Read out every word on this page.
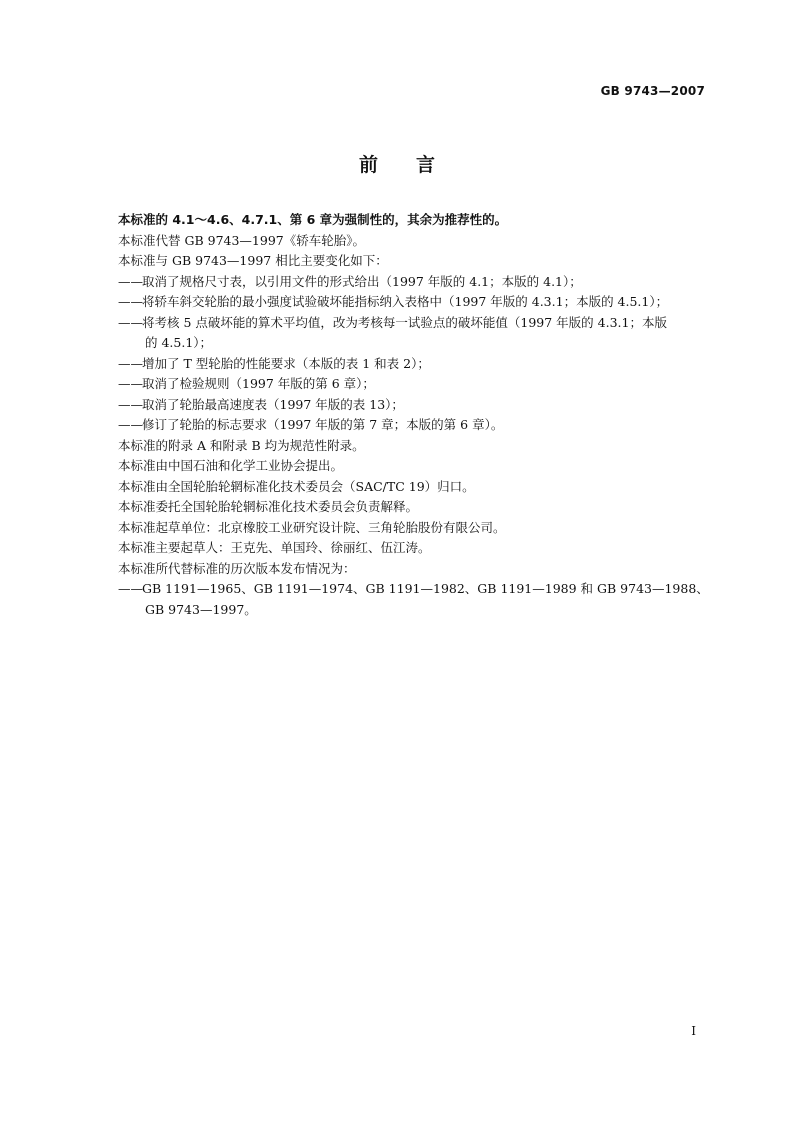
GB 9743—2007
前言

本标准的 4.1～4.6、4.7.1、第 6 章为强制性的，其余为推荐性的。

本标准代替 GB 9743—1997《轿车轮胎》。

本标准与 GB 9743—1997 相比主要变化如下：

——取消了规格尺寸表，以引用文件的形式给出（1997 年版的 4.1；本版的 4.1）；

——将轿车斜交轮胎的最小强度试验破坏能指标纳入表格中（1997 年版的 4.3.1；本版的 4.5.1）；

——将考核 5 点破坏能的算术平均值，改为考核每一试验点的破坏能值（1997 年版的 4.3.1；本版

的 4.5.1）；

——增加了 T 型轮胎的性能要求（本版的表 1 和表 2）；

——取消了检验规则（1997 年版的第 6 章）；

——取消了轮胎最高速度表（1997 年版的表 13）；

——修订了轮胎的标志要求（1997 年版的第 7 章；本版的第 6 章）。

本标准的附录 A 和附录 B 均为规范性附录。

本标准由中国石油和化学工业协会提出。

本标准由全国轮胎轮辋标准化技术委员会（SAC/TC 19）归口。

本标准委托全国轮胎轮辋标准化技术委员会负责解释。

本标准起草单位：北京橡胶工业研究设计院、三角轮胎股份有限公司。

本标准主要起草人：王克先、单国玲、徐丽红、伍江涛。

本标准所代替标准的历次版本发布情况为：

——GB 1191—1965、GB 1191—1974、GB 1191—1982、GB 1191—1989 和 GB 9743—1988、

GB 9743—1997。

I
